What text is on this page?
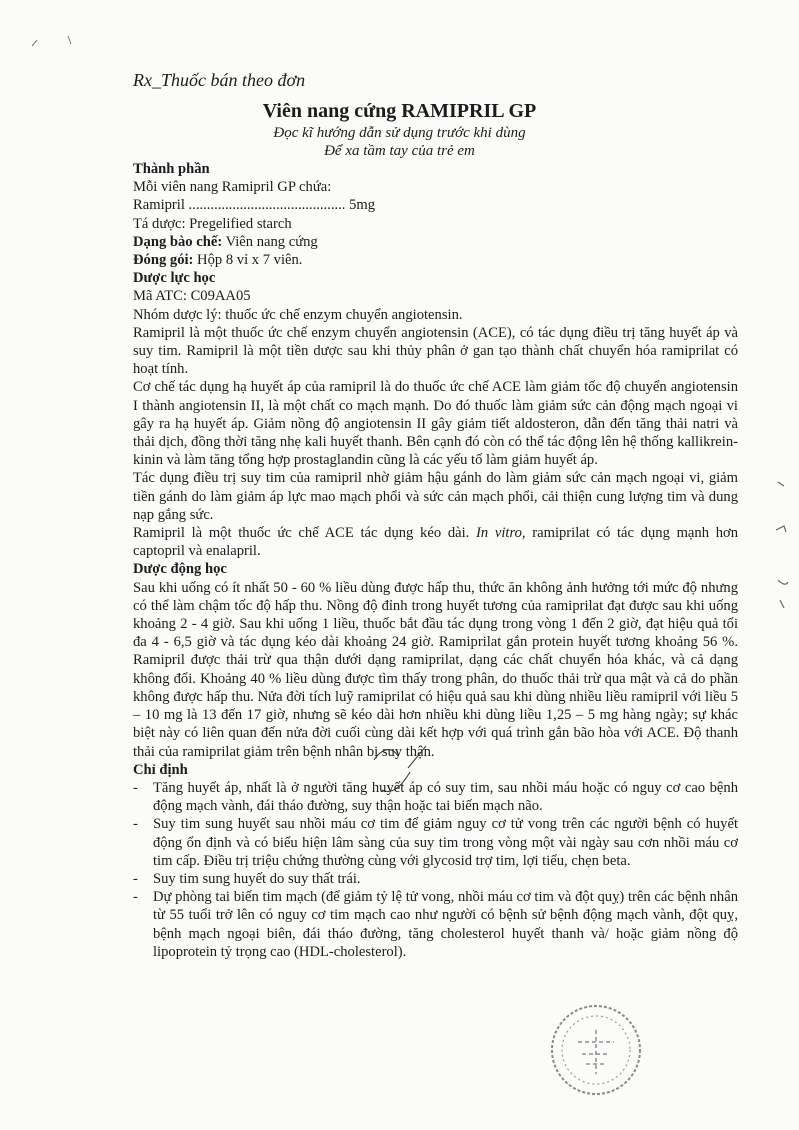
Rx_Thuốc bán theo đơn
Viên nang cứng RAMIPRIL GP
Đọc kĩ hướng dẫn sử dụng trước khi dùng
Để xa tầm tay của trẻ em

Thành phần

Mỗi viên nang Ramipril GP chứa:

Ramipril ........................................... 5mg

Tá dược: Pregelified starch

Dạng bào chế: Viên nang cứng

Đóng gói: Hộp 8 vỉ x 7 viên.

Dược lực học

Mã ATC: C09AA05

Nhóm dược lý: thuốc ức chế enzym chuyển angiotensin.

Ramipril là một thuốc ức chế enzym chuyển angiotensin (ACE), có tác dụng điều trị tăng huyết áp và suy tim. Ramipril là một tiền dược sau khi thủy phân ở gan tạo thành chất chuyển hóa ramiprilat có hoạt tính.

Cơ chế tác dụng hạ huyết áp của ramipril là do thuốc ức chế ACE làm giảm tốc độ chuyển angiotensin I thành angiotensin II, là một chất co mạch mạnh. Do đó thuốc làm giảm sức cản động mạch ngoại vi gây ra hạ huyết áp. Giảm nồng độ angiotensin II gây giảm tiết aldosteron, dẫn đến tăng thải natri và thải dịch, đồng thời tăng nhẹ kali huyết thanh. Bên cạnh đó còn có thể tác động lên hệ thống kallikrein-kinin và làm tăng tổng hợp prostaglandin cũng là các yếu tố làm giảm huyết áp.

Tác dụng điều trị suy tim của ramipril nhờ giảm hậu gánh do làm giảm sức cản mạch ngoại vi, giảm tiền gánh do làm giảm áp lực mao mạch phổi và sức cản mạch phổi, cải thiện cung lượng tim và dung nạp gắng sức.

Ramipril là một thuốc ức chế ACE tác dụng kéo dài. In vitro, ramiprilat có tác dụng mạnh hơn captopril và enalapril.

Dược động học

Sau khi uống có ít nhất 50 - 60 % liều dùng được hấp thu, thức ăn không ảnh hưởng tới mức độ nhưng có thể làm chậm tốc độ hấp thu. Nồng độ đỉnh trong huyết tương của ramiprilat đạt được sau khi uống khoảng 2 - 4 giờ. Sau khi uống 1 liều, thuốc bắt đầu tác dụng trong vòng 1 đến 2 giờ, đạt hiệu quả tối đa 4 - 6,5 giờ và tác dụng kéo dài khoảng 24 giờ. Ramiprilat gắn protein huyết tương khoảng 56 %. Ramipril được thải trừ qua thận dưới dạng ramiprilat, dạng các chất chuyển hóa khác, và cả dạng không đổi. Khoảng 40 % liều dùng được tìm thấy trong phân, do thuốc thải trừ qua mật và cả do phần không được hấp thu. Nửa đời tích luỹ ramiprilat có hiệu quả sau khi dùng nhiều liều ramipril với liều 5 – 10 mg là 13 đến 17 giờ, nhưng sẽ kéo dài hơn nhiều khi dùng liều 1,25 – 5 mg hàng ngày; sự khác biệt này có liên quan đến nửa đời cuối cùng dài kết hợp với quá trình gắn bão hòa với ACE. Độ thanh thải của ramiprilat giảm trên bệnh nhân bị suy thận.

Chỉ định

- Tăng huyết áp, nhất là ở người tăng huyết áp có suy tim, sau nhồi máu hoặc có nguy cơ cao bệnh động mạch vành, đái tháo đường, suy thận hoặc tai biến mạch não.
- Suy tim sung huyết sau nhồi máu cơ tim để giảm nguy cơ tử vong trên các người bệnh có huyết động ổn định và có biểu hiện lâm sàng của suy tim trong vòng một vài ngày sau cơn nhồi máu cơ tim cấp. Điều trị triệu chứng thường cùng với glycosid trợ tim, lợi tiểu, chẹn beta.
- Suy tim sung huyết do suy thất trái.
- Dự phòng tai biến tim mạch (để giảm tỷ lệ tử vong, nhồi máu cơ tim và đột quỵ) trên các bệnh nhân từ 55 tuổi trở lên có nguy cơ tim mạch cao như người có bệnh sử bệnh động mạch vành, đột quỵ, bệnh mạch ngoại biên, đái tháo đường, tăng cholesterol huyết thanh và/ hoặc giảm nồng độ lipoprotein tỷ trọng cao (HDL-cholesterol).
